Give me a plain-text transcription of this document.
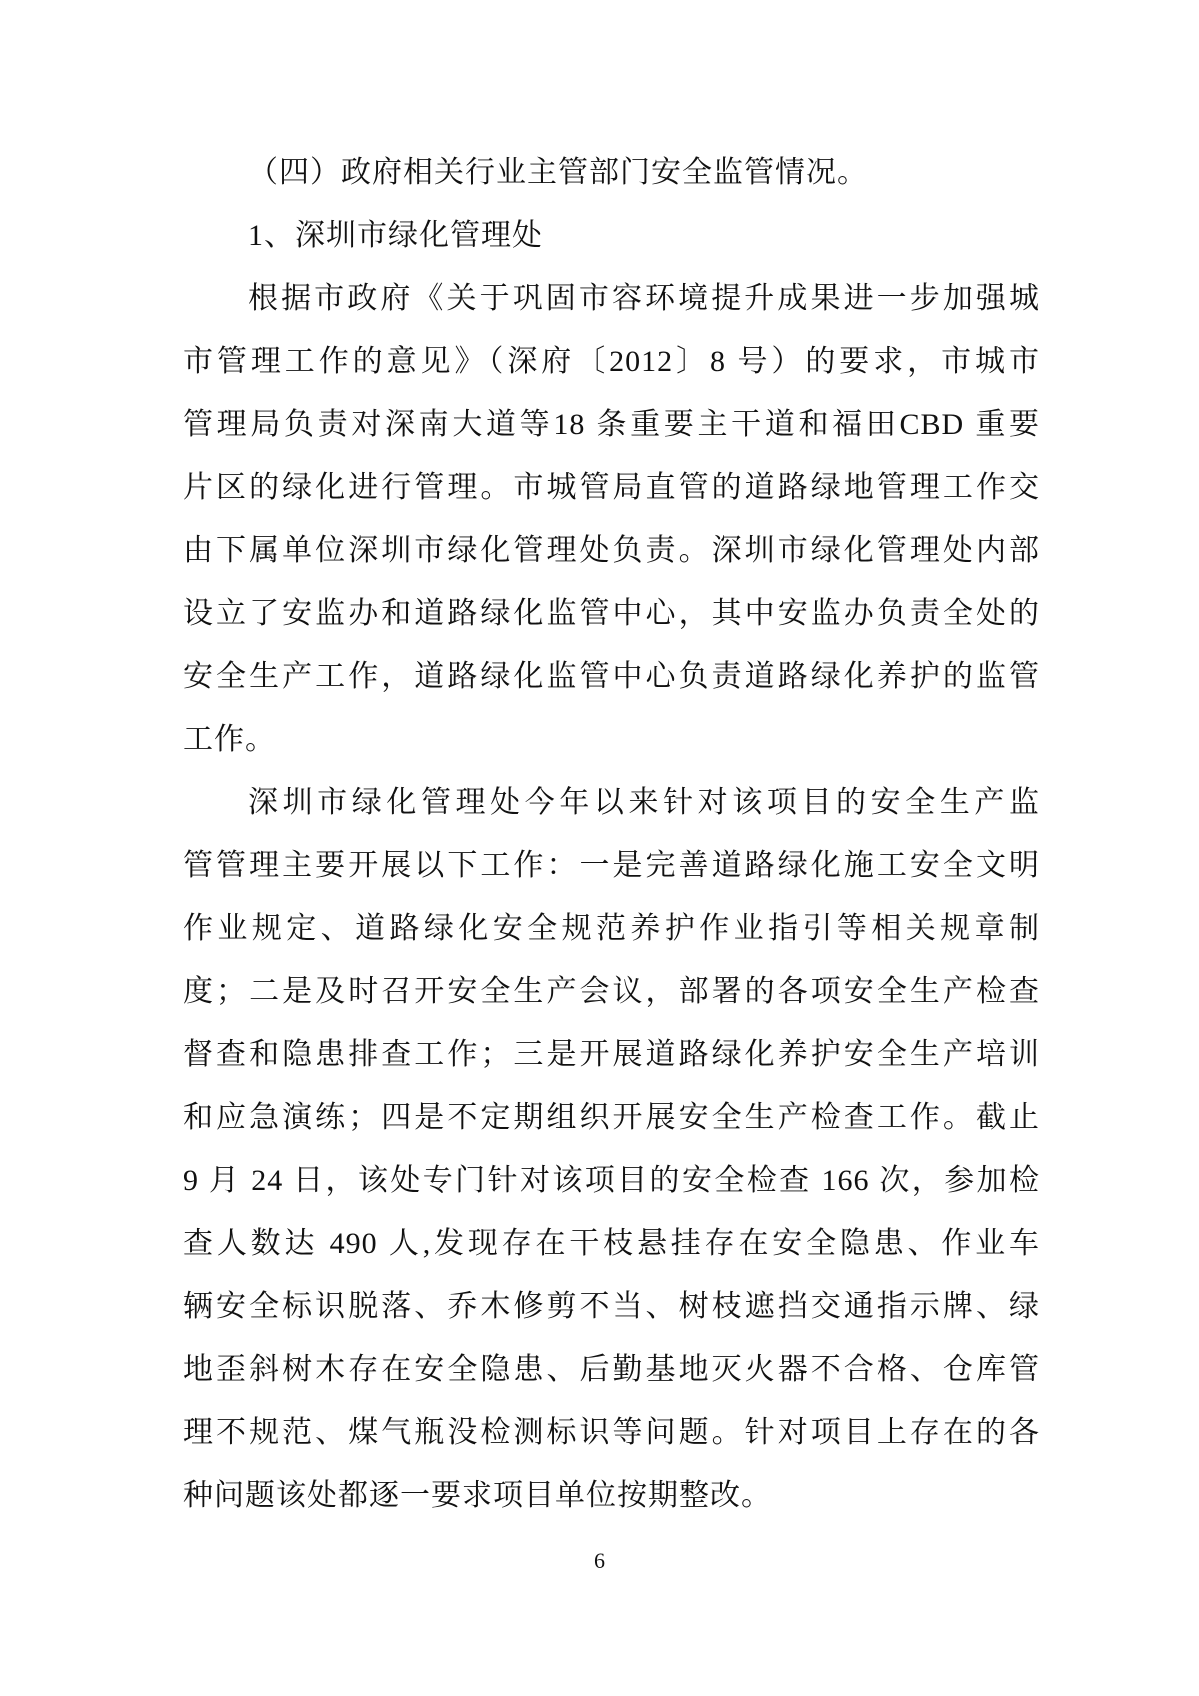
（四）政府相关行业主管部门安全监管情况。
1、深圳市绿化管理处
根据市政府《关于巩固市容环境提升成果进一步加强城
市管理工作的意见》（深府〔2012〕8 号）的要求，市城市
管理局负责对深南大道等18 条重要主干道和福田CBD 重要
片区的绿化进行管理。市城管局直管的道路绿地管理工作交
由下属单位深圳市绿化管理处负责。深圳市绿化管理处内部
设立了安监办和道路绿化监管中心，其中安监办负责全处的
安全生产工作，道路绿化监管中心负责道路绿化养护的监管
工作。
深圳市绿化管理处今年以来针对该项目的安全生产监
管管理主要开展以下工作：一是完善道路绿化施工安全文明
作业规定、道路绿化安全规范养护作业指引等相关规章制
度；二是及时召开安全生产会议，部署的各项安全生产检查
督查和隐患排查工作；三是开展道路绿化养护安全生产培训
和应急演练；四是不定期组织开展安全生产检查工作。截止
9 月 24 日，该处专门针对该项目的安全检查 166 次，参加检
查人数达 490 人,发现存在干枝悬挂存在安全隐患、作业车
辆安全标识脱落、乔木修剪不当、树枝遮挡交通指示牌、绿
地歪斜树木存在安全隐患、后勤基地灭火器不合格、仓库管
理不规范、煤气瓶没检测标识等问题。针对项目上存在的各
种问题该处都逐一要求项目单位按期整改。
6
